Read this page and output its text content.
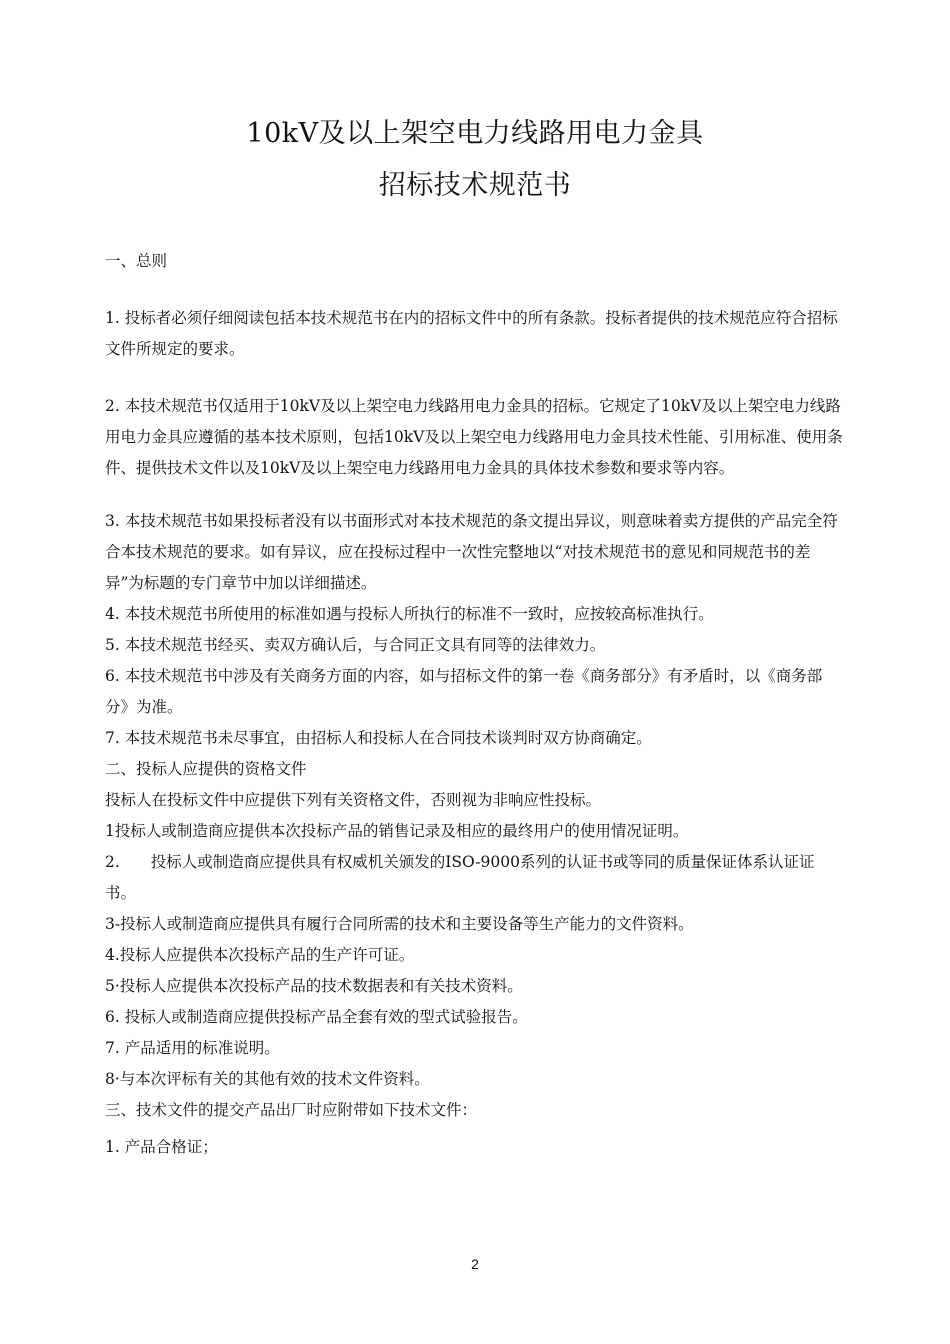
10kV及以上架空电力线路用电力金具
招标技术规范书

一、总则

1. 投标者必须仔细阅读包括本技术规范书在内的招标文件中的所有条款。投标者提供的技术规范应符合招标文件所规定的要求。

2. 本技术规范书仅适用于10kV及以上架空电力线路用电力金具的招标。它规定了10kV及以上架空电力线路用电力金具应遵循的基本技术原则，包括10kV及以上架空电力线路用电力金具技术性能、引用标准、使用条件、提供技术文件以及10kV及以上架空电力线路用电力金具的具体技术参数和要求等内容。

3. 本技术规范书如果投标者没有以书面形式对本技术规范的条文提出异议，则意味着卖方提供的产品完全符合本技术规范的要求。如有异议，应在投标过程中一次性完整地以“对技术规范书的意见和同规范书的差异”为标题的专门章节中加以详细描述。

4. 本技术规范书所使用的标准如遇与投标人所执行的标准不一致时，应按较高标准执行。

5. 本技术规范书经买、卖双方确认后，与合同正文具有同等的法律效力。

6. 本技术规范书中涉及有关商务方面的内容，如与招标文件的第一卷《商务部分》有矛盾时，以《商务部分》为准。

7. 本技术规范书未尽事宜，由招标人和投标人在合同技术谈判时双方协商确定。

二、投标人应提供的资格文件

投标人在投标文件中应提供下列有关资格文件，否则视为非响应性投标。

1投标人或制造商应提供本次投标产品的销售记录及相应的最终用户的使用情况证明。

2.　　投标人或制造商应提供具有权威机关颁发的ISO-9000系列的认证书或等同的质量保证体系认证证书。

3-投标人或制造商应提供具有履行合同所需的技术和主要设备等生产能力的文件资料。

4.投标人应提供本次投标产品的生产许可证。

5·投标人应提供本次投标产品的技术数据表和有关技术资料。

6. 投标人或制造商应提供投标产品全套有效的型式试验报告。

7. 产品适用的标准说明。

8·与本次评标有关的其他有效的技术文件资料。

三、技术文件的提交产品出厂时应附带如下技术文件：

1. 产品合格证；

2
